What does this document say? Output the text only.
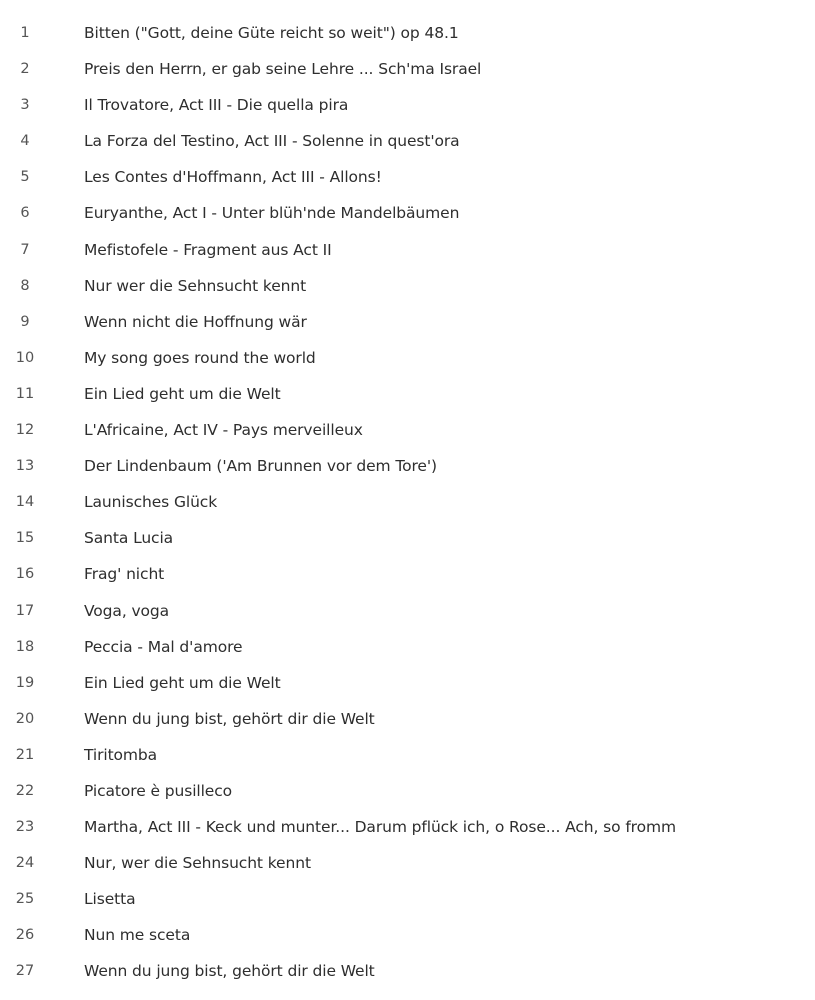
1	Bitten ("Gott, deine Güte reicht so weit") op 48.1
2	Preis den Herrn, er gab seine Lehre ... Sch'ma Israel
3	Il Trovatore, Act III - Die quella pira
4	La Forza del Testino, Act III - Solenne in quest'ora
5	Les Contes d'Hoffmann, Act III - Allons!
6	Euryanthe, Act I - Unter blüh'nde Mandelbäumen
7	Mefistofele - Fragment aus Act II
8	Nur wer die Sehnsucht kennt
9	Wenn nicht die Hoffnung wär
10	My song goes round the world
11	Ein Lied geht um die Welt
12	L'Africaine, Act IV - Pays merveilleux
13	Der Lindenbaum ('Am Brunnen vor dem Tore')
14	Launisches Glück
15	Santa Lucia
16	Frag' nicht
17	Voga, voga
18	Peccia - Mal d'amore
19	Ein Lied geht um die Welt
20	Wenn du jung bist, gehört dir die Welt
21	Tiritomba
22	Picatore è pusilleco
23	Martha, Act III - Keck und munter... Darum pflück ich, o Rose... Ach, so fromm
24	Nur, wer die Sehnsucht kennt
25	Lisetta
26	Nun me sceta
27	Wenn du jung bist, gehört dir die Welt
